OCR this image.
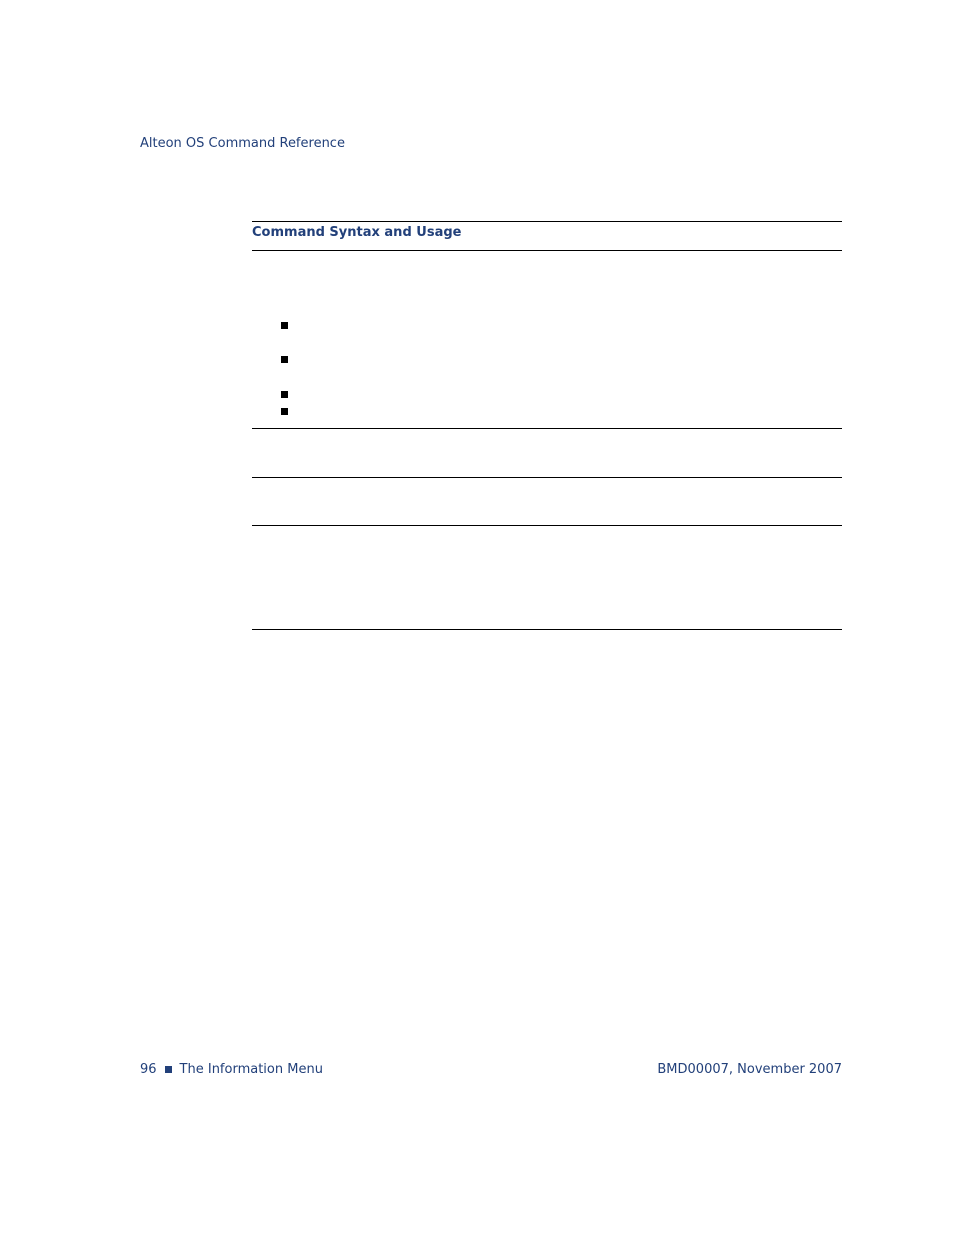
Alteon OS Command Reference
Command Syntax and Usage
96 The Information Menu	BMD00007, November 2007
